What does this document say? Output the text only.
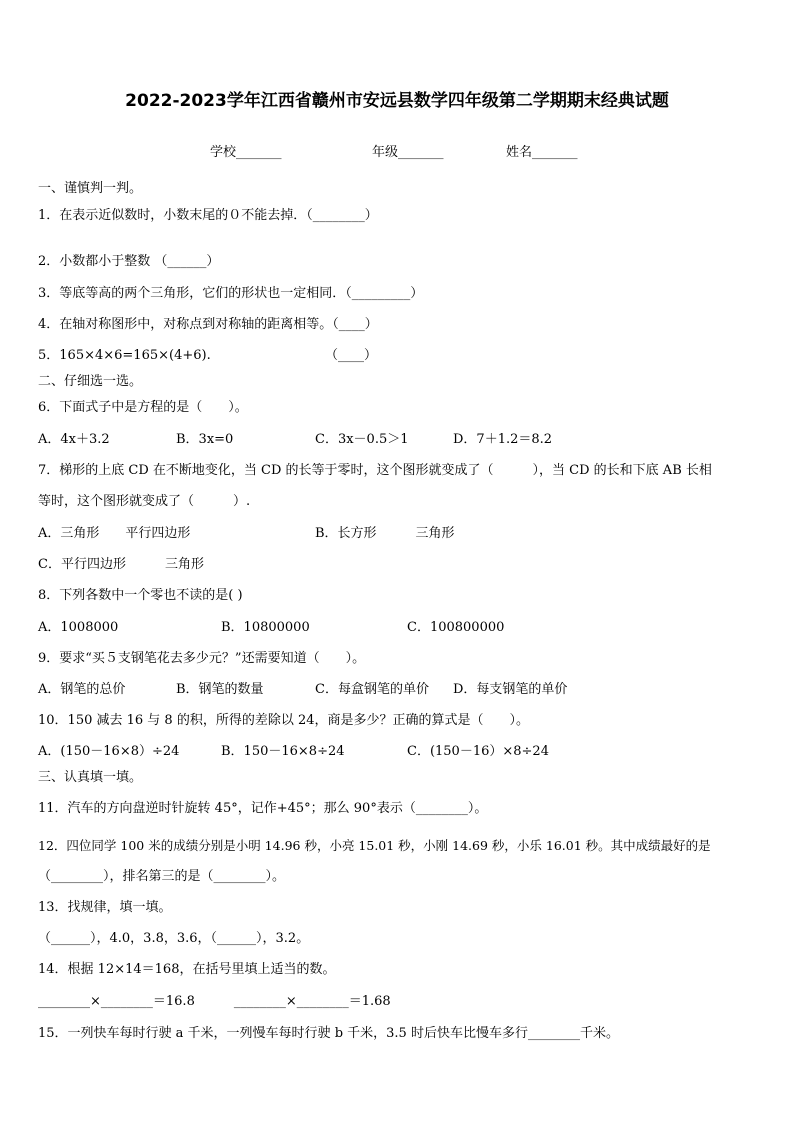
2022-2023学年江西省赣州市安远县数学四年级第二学期期末经典试题
学校_______	年级_______	姓名_______
一、谨慎判一判。
1．在表示近似数时，小数末尾的０不能去掉．（________）
2．小数都小于整数 （______）
3．等底等高的两个三角形，它们的形状也一定相同．（_________）
4．在轴对称图形中，对称点到对称轴的距离相等。（____）
5．165×4×6=165×(4+6).	（____）
二、仔细选一选。
6．下面式子中是方程的是（　　）。
A．4x＋3.2	B．3x=0	C．3x－0.5＞1	D．7＋1.2＝8.2
7．梯形的上底 CD 在不断地变化，当 CD 的长等于零时，这个图形就变成了（　　　），当 CD 的长和下底 AB 长相
等时，这个图形就变成了（　　　）.
A．三角形　　平行四边形	B．长方形　　　三角形
C．平行四边形　　　三角形
8．下列各数中一个零也不读的是( )
A．1008000	B．10800000	C．100800000
9．要求“买５支钢笔花去多少元？”还需要知道（　　）。
A．钢笔的总价	B．钢笔的数量	C．每盒钢笔的单价 D．每支钢笔的单价
10．150 减去 16 与 8 的积，所得的差除以 24，商是多少？正确的算式是（　　）。
A．(150－16×8）÷24	B．150－16×8÷24	C．(150－16）×8÷24
三、认真填一填。
11．汽车的方向盘逆时针旋转 45°，记作+45°；那么 90°表示（________）。
12．四位同学 100 米的成绩分别是小明 14.96 秒，小亮 15.01 秒，小刚 14.69 秒，小乐 16.01 秒。其中成绩最好的是
（________），排名第三的是（________）。
13．找规律，填一填。
（______），4.0，3.8，3.6，（______），3.2。
14．根据 12×14＝168，在括号里填上适当的数。
________×________＝16.8　　　________×________＝1.68
15．一列快车每时行驶 a 千米，一列慢车每时行驶 b 千米，3.5 时后快车比慢车多行________千米。
